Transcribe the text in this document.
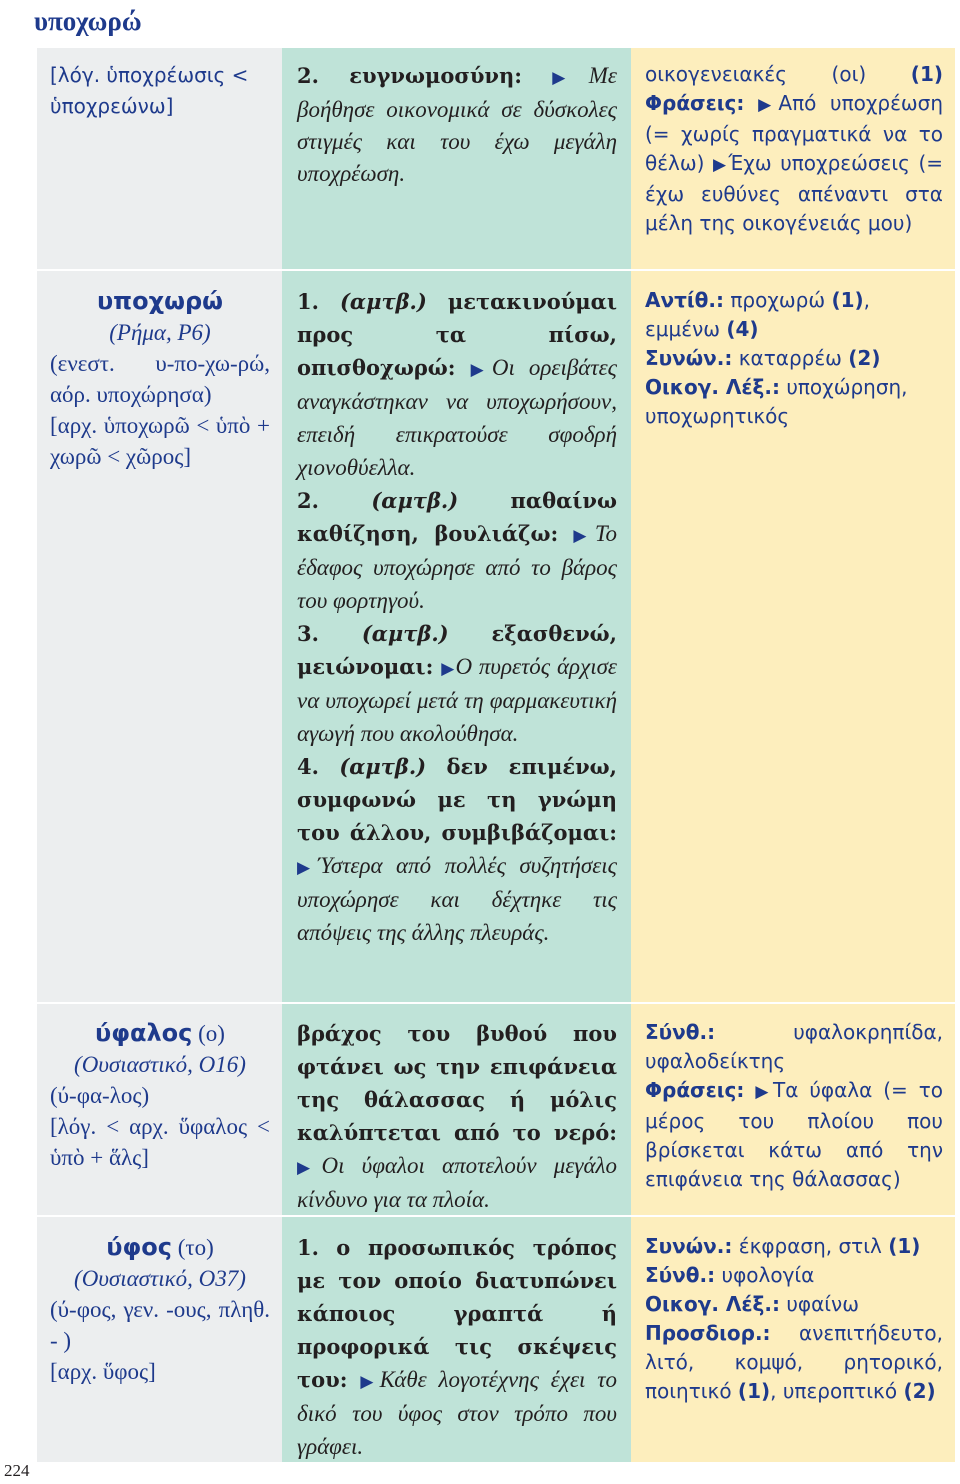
υποχωρώ
[λόγ. ὑποχρέωσις < ὑποχρεώνω]
2. ευγνωμοσύνη: ▶Με βοήθησε οικονομικά σε δύσκολες στιγμές και του έχω μεγάλη υποχρέωση.
οικογενειακές (οι) (1) Φράσεις: ▶Από υποχρέωση (= χωρίς πραγματικά να το θέλω) ▶Έχω υποχρεώσεις (= έχω ευθύνες απέναντι στα μέλη της οικογένειάς μου)
υποχωρώ
(Ρήμα, Ρ6)
(ενεστ. υ-πο-χω-ρώ, αόρ. υποχώρησα)
[αρχ. ὑποχωρῶ < ὑπὸ + χωρῶ < χῶρος]
1. (αμτβ.) μετακινούμαι προς τα πίσω, οπισθοχωρώ: ▶Οι ορειβάτες αναγκάστηκαν να υποχωρήσουν, επειδή επικρατούσε σφοδρή χιονοθύελλα.
2. (αμτβ.) παθαίνω καθίζηση, βουλιάζω: ▶Το έδαφος υποχώρησε από το βάρος του φορτηγού.
3. (αμτβ.) εξασθενώ, μειώνομαι: ▶Ο πυρετός άρχισε να υποχωρεί μετά τη φαρμακευτική αγωγή που ακολούθησα.
4. (αμτβ.) δεν επιμένω, συμφωνώ με τη γνώμη του άλλου, συμβιβάζομαι: ▶Ύστερα από πολλές συζητήσεις υποχώρησε και δέχτηκε τις απόψεις της άλλης πλευράς.
Αντίθ.: προχωρώ (1), εμμένω (4)
Συνών.: καταρρέω (2)
Οικογ. Λέξ.: υποχώρηση, υποχωρητικός
ύφαλος (ο)
(Ουσιαστικό, Ο16)
(ύ-φα-λος)
[λόγ. < αρχ. ὕφαλος < ὑπὸ + ἅλς]
βράχος του βυθού που φτάνει ως την επιφάνεια της θάλασσας ή μόλις καλύπτεται από το νερό: ▶Οι ύφαλοι αποτελούν μεγάλο κίνδυνο για τα πλοία.
Σύνθ.:	υφαλοκρηπίδα, υφαλοδείκτης
Φράσεις: ▶Τα ύφαλα (= το μέρος του πλοίου που βρίσκεται κάτω από την επιφάνεια της θάλασσας)
ύφος (το)
(Ουσιαστικό, Ο37)
(ύ-φος, γεν. -ους, πληθ. - )
[αρχ. ὕφος]
1. ο προσωπικός τρόπος με τον οποίο διατυπώνει κάποιος γραπτά ή προφορικά τις σκέψεις του: ▶Κάθε λογοτέχνης έχει το δικό του ύφος στον τρόπο που γράφει.
Συνών.: έκφραση, στιλ (1)
Σύνθ.: υφολογία
Οικογ. Λέξ.: υφαίνω
Προσδιορ.: ανεπιτήδευτο, λιτό, κομψό, ρητορικό, ποιητικό (1), υπεροπτικό (2)
224
